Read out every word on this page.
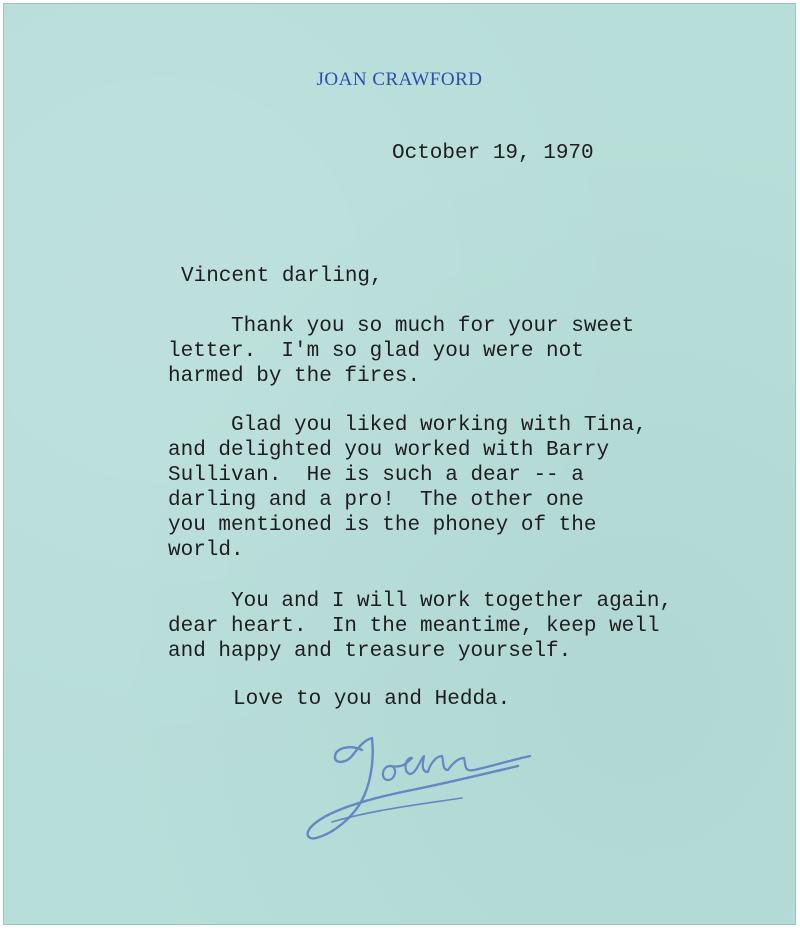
JOAN CRAWFORD
October 19, 1970
Vincent darling,
Thank you so much for your sweet
letter.  I'm so glad you were not
harmed by the fires.
Glad you liked working with Tina,
and delighted you worked with Barry
Sullivan.  He is such a dear -- a
darling and a pro!  The other one
you mentioned is the phoney of the
world.
You and I will work together again,
dear heart.  In the meantime, keep well
and happy and treasure yourself.
Love to you and Hedda.
